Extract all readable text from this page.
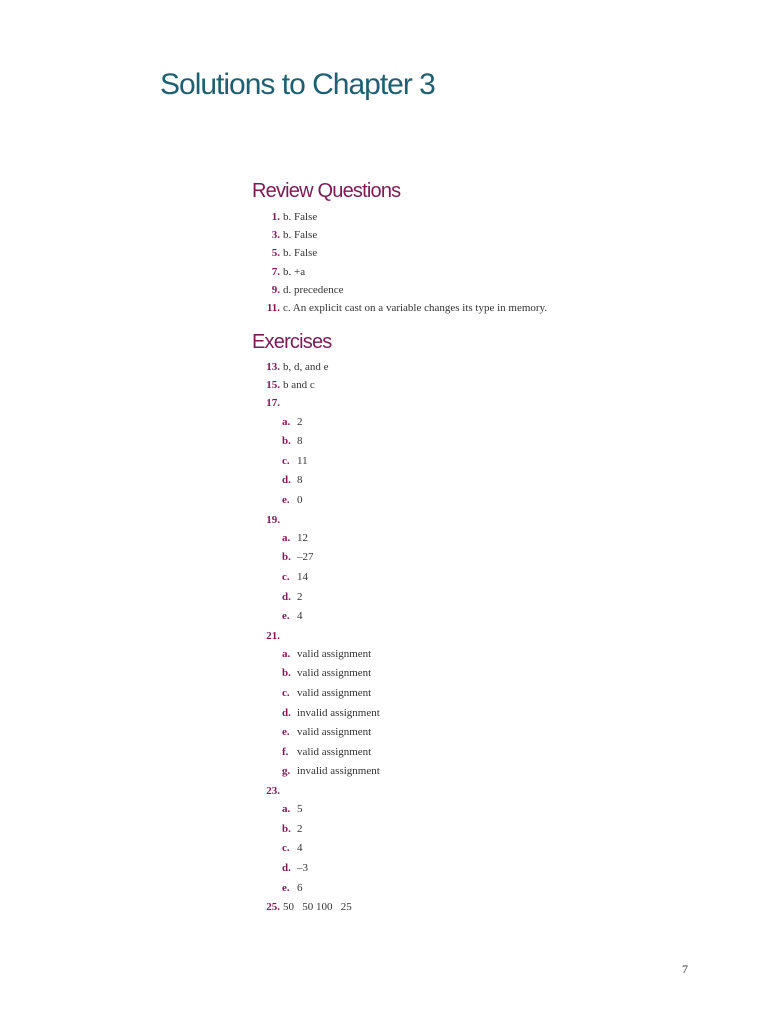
Solutions to Chapter 3
Review Questions
1. b. False
3. b. False
5. b. False
7. b. +a
9. d. precedence
11. c. An explicit cast on a variable changes its type in memory.
Exercises
13. b, d, and e
15. b and c
17.
a. 2
b. 8
c. 11
d. 8
e. 0
19.
a. 12
b. –27
c. 14
d. 2
e. 4
21.
a. valid assignment
b. valid assignment
c. valid assignment
d. invalid assignment
e. valid assignment
f. valid assignment
g. invalid assignment
23.
a. 5
b. 2
c. 4
d. –3
e. 6
25. 50   50 100   25
7
